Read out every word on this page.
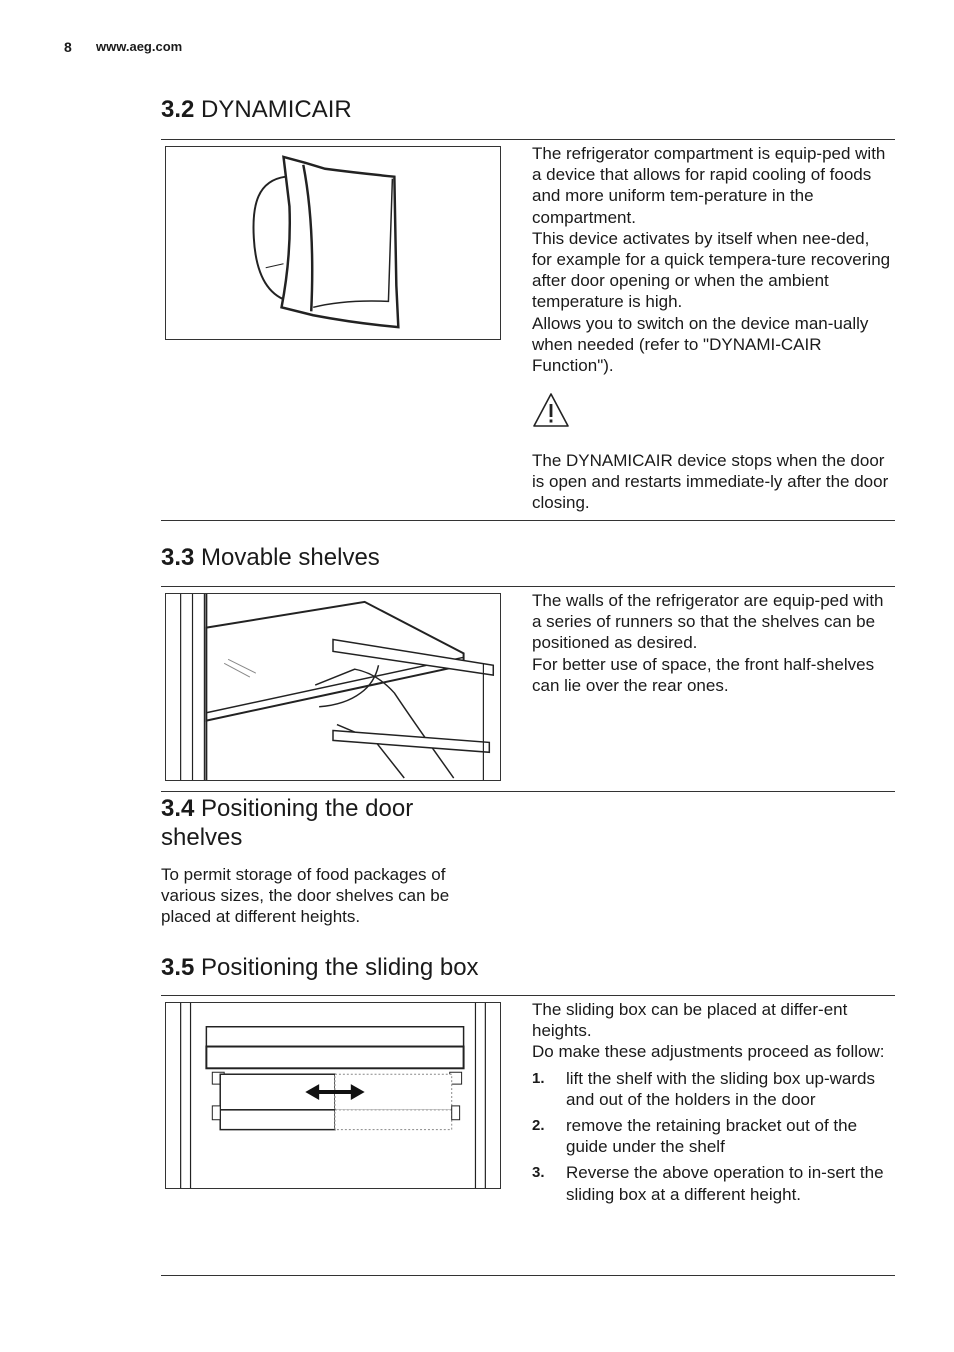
8 www.aeg.com
3.2 DYNAMICAIR

The refrigerator compartment is equip-ped with a device that allows for rapid cooling of foods and more uniform tem-perature in the compartment.

This device activates by itself when nee-ded, for example for a quick tempera-ture recovering after door opening or when the ambient temperature is high.

Allows you to switch on the device man-ually when needed (refer to "DYNAMI-CAIR Function").

The DYNAMICAIR device stops when the door is open and restarts immediate-ly after the door closing.

3.3 Movable shelves

The walls of the refrigerator are equip-ped with a series of runners so that the shelves can be positioned as desired.

For better use of space, the front half-shelves can lie over the rear ones.

3.4 Positioning the door
shelves

To permit storage of food packages of various sizes, the door shelves can be placed at different heights.

3.5 Positioning the sliding box

The sliding box can be placed at differ-ent heights.

Do make these adjustments proceed as follow:

1. lift the shelf with the sliding box up-wards and out of the holders in the door
2. remove the retaining bracket out of the guide under the shelf
3. Reverse the above operation to in-sert the sliding box at a different height.
